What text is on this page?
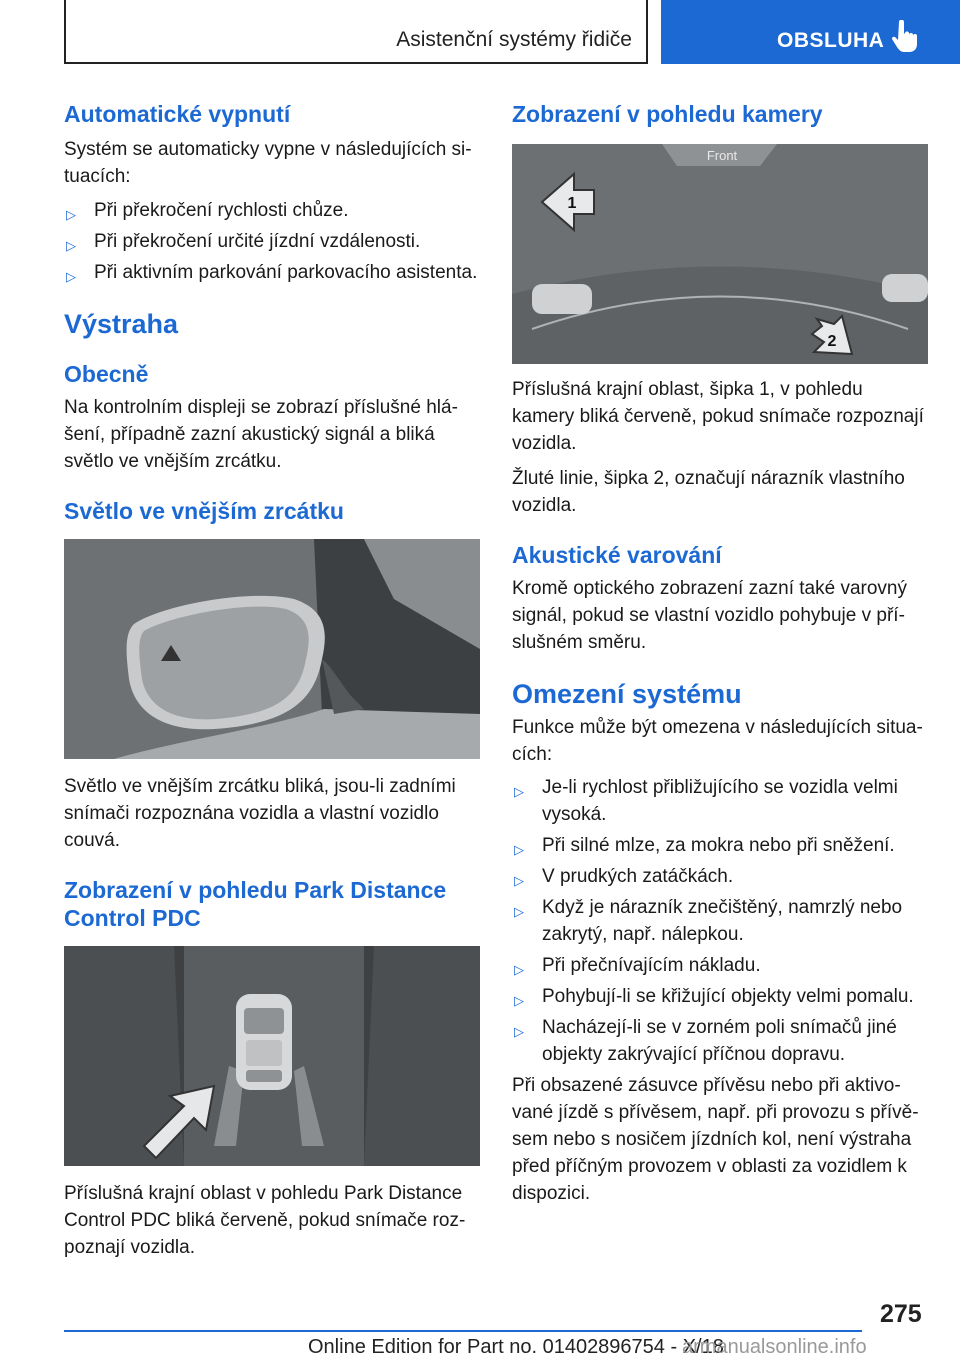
Asistenční systémy řidiče	OBSLUHA
Automatické vypnutí

Systém se automaticky vypne v následujících situacích:

▷ Při překročení rychlosti chůze.
▷ Při překročení určité jízdní vzdálenosti.
▷ Při aktivním parkování parkovacího asistenta.
Výstraha
Obecně

Na kontrolním displeji se zobrazí příslušné hlášení, případně zazní akustický signál a bliká světlo ve vnějším zrcátku.

Světlo ve vnějším zrcátku

Světlo ve vnějším zrcátku bliká, jsou-li zadními snímači rozpoznána vozidla a vlastní vozidlo couvá.

Zobrazení v pohledu Park Distance Control PDC

Příslušná krajní oblast v pohledu Park Distance Control PDC bliká červeně, pokud snímače rozpoznají vozidla.

Zobrazení v pohledu kamery
Front
1
2

Příslušná krajní oblast, šipka 1, v pohledu kamery bliká červeně, pokud snímače rozpoznají vozidla.

Žluté linie, šipka 2, označují nárazník vlastního vozidla.

Akustické varování

Kromě optického zobrazení zazní také varovný signál, pokud se vlastní vozidlo pohybuje v příslušném směru.

Omezení systému

Funkce může být omezena v následujících situacích:

▷ Je-li rychlost přibližujícího se vozidla velmi vysoká.
▷ Při silné mlze, za mokra nebo při sněžení.
▷ V prudkých zatáčkách.
▷ Když je nárazník znečištěný, namrzlý nebo zakrytý, např. nálepkou.
▷ Při přečnívajícím nákladu.
▷ Pohybují-li se křižující objekty velmi pomalu.
▷ Nacházejí-li se v zorném poli snímačů jiné objekty zakrývající příčnou dopravu.

Při obsazené zásuvce přívěsu nebo při aktivované jízdě s přívěsem, např. při provozu s přívěsem nebo s nosičem jízdních kol, není výstraha před příčným provozem v oblasti za vozidlem k dispozici.

275
Online Edition for Part no. 01402896754 - X/18
armanualsonline.info
